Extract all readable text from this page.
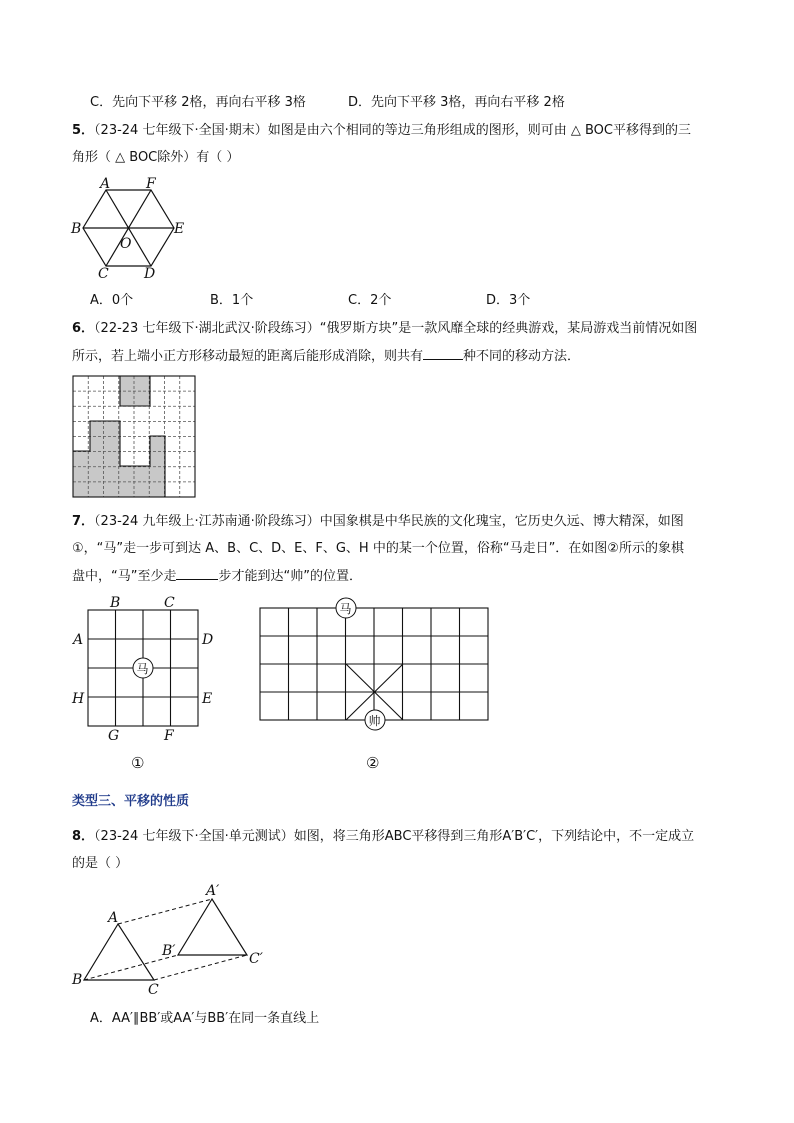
C．先向下平移 2格，再向右平移 3格	D．先向下平移 3格，再向右平移 2格
5．（23-24 七年级下·全国·期末）如图是由六个相同的等边三角形组成的图形，则可由 △ BOC平移得到的三
角形（ △ BOC除外）有（ ）
A	F
B	E
O
C	D
A．0个	B．1个	C．2个	D．3个
6．（22-23 七年级下·湖北武汉·阶段练习）“俄罗斯方块”是一款风靡全球的经典游戏，某局游戏当前情况如图
所示，若上端小正方形移动最短的距离后能形成消除，则共有	种不同的移动方法．
7．（23-24 九年级上·江苏南通·阶段练习）中国象棋是中华民族的文化瑰宝，它历史久远、博大精深，如图
①，“马”走一步可到达 A、B、C、D、E、F、G、H 中的某一个位置，俗称“马走日”．在如图②所示的象棋
盘中，“马”至少走	步才能到达“帅”的位置．
马
B	C
A	D
H	E
G	F
①
马
帅
②
类型三、平移的性质
8．（23-24 七年级下·全国·单元测试）如图，将三角形ABC平移得到三角形A′B′C′，下列结论中，不一定成立
的是（ ）
A
B
C
A′
B′	C′
A．AA′∥BB′或AA′与BB′在同一条直线上
